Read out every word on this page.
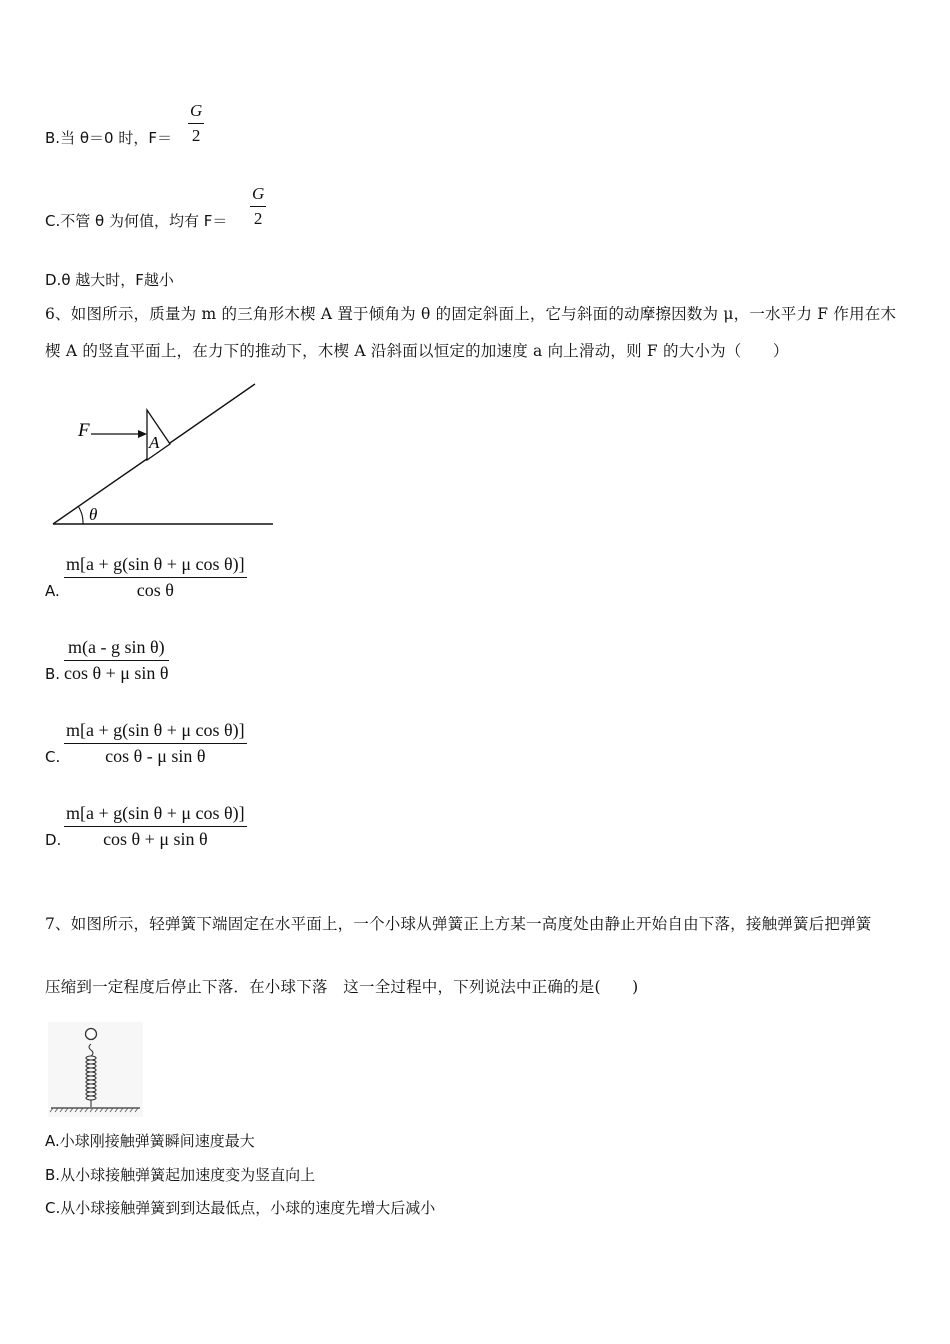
B.当 θ＝0 时，$F= \frac{G}{2}$
C.不管 θ 为何值，均有 $F= \frac{G}{2}$
D.θ 越大时，F越小
6、如图所示，质量为 m 的三角形木楔 A 置于倾角为 θ 的固定斜面上，它与斜面的动摩擦因数为 μ，一水平力 F 作用在木
楔 A 的竖直平面上，在力下的推动下，木楔 A 沿斜面以恒定的加速度 a 向上滑动，则 F 的大小为（　　）
F
A
θ
A. $\frac{\text{m[a + g(sin θ + μ cos θ)]}}{\text{cos θ}}$
B. $\frac{\text{m(a - g sin θ)}}{\text{cos θ + μ sin θ}}$
C. $\frac{\text{m[a + g(sin θ + μ cos θ)]}}{\text{cos θ - μ sin θ}}$
D. $\frac{\text{m[a + g(sin θ + μ cos θ)]}}{\text{cos θ + μ sin θ}}$
7、如图所示，轻弹簧下端固定在水平面上，一个小球从弹簧正上方某一高度处由静止开始自由下落，接触弹簧后把弹簧
压缩到一定程度后停止下落．在小球下落　这一全过程中，下列说法中正确的是(　　)
A.小球刚接触弹簧瞬间速度最大
B.从小球接触弹簧起加速度变为竖直向上
C.从小球接触弹簧到到达最低点，小球的速度先增大后减小
